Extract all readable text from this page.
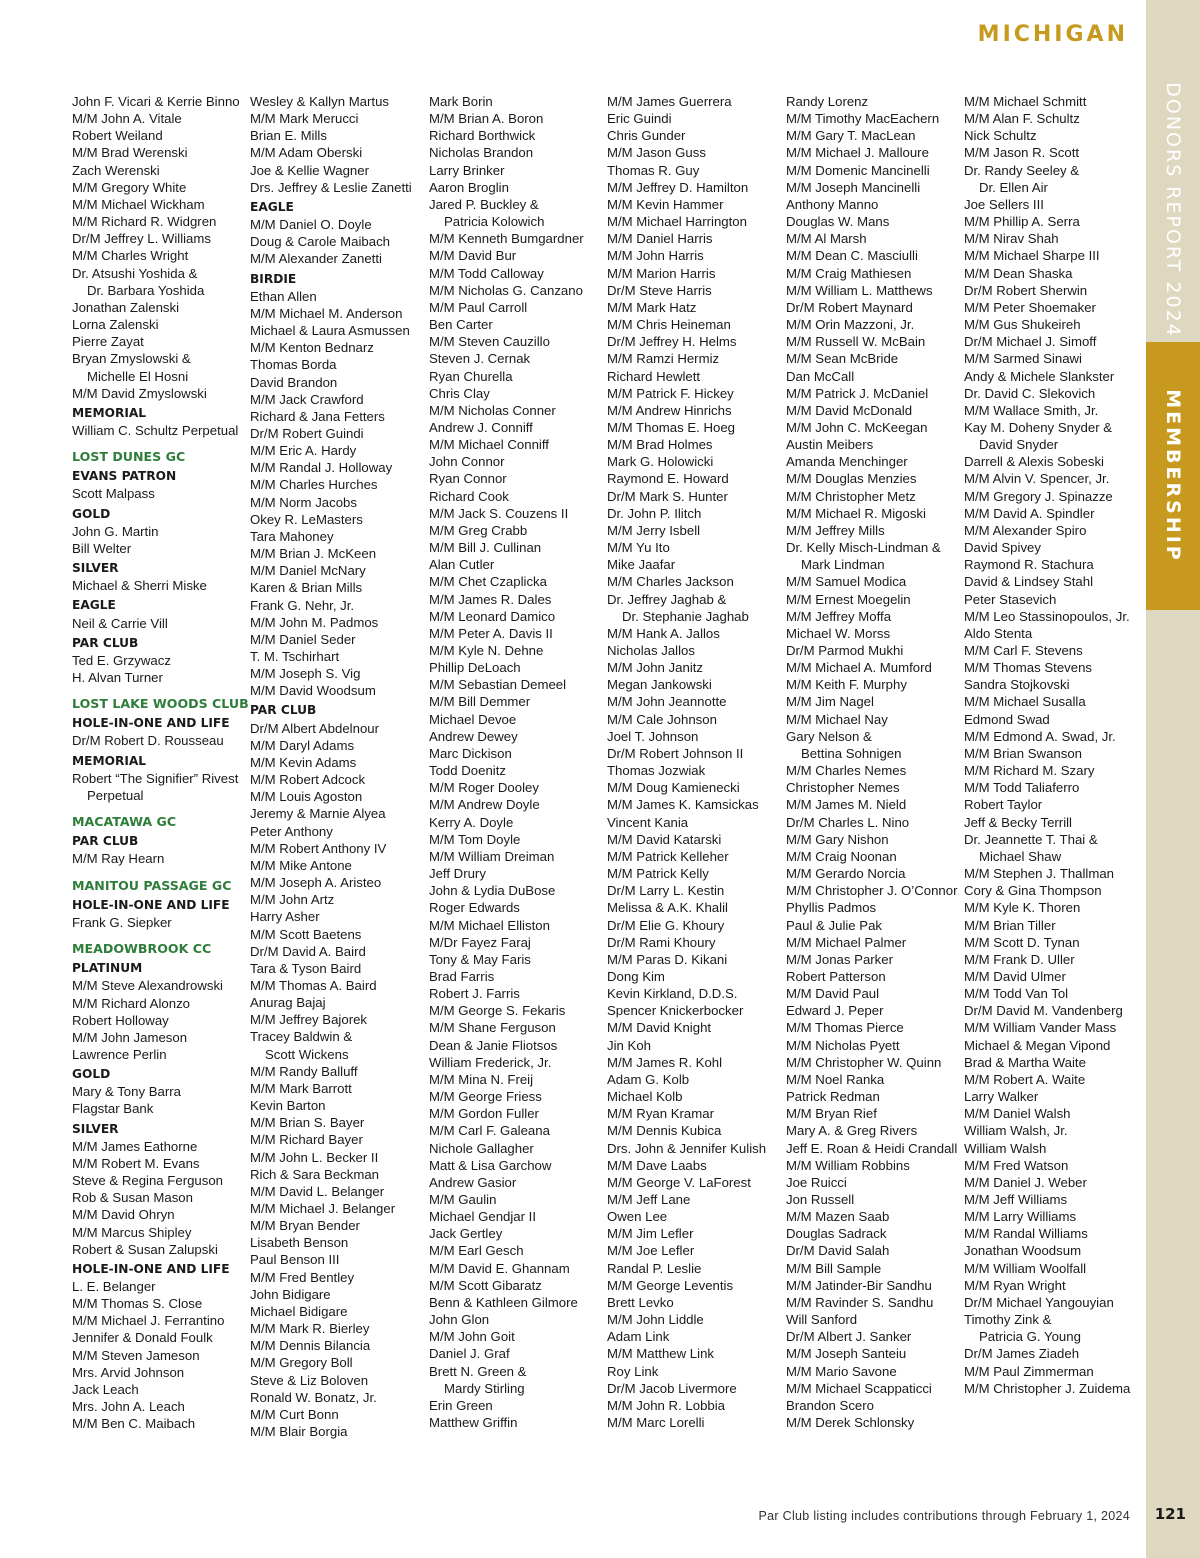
MICHIGAN
DONORS REPORT 2024
MEMBERSHIP
John F. Vicari & Kerrie Binno
M/M John A. Vitale
Robert Weiland
M/M Brad Werenski
Zach Werenski
M/M Gregory White
M/M Michael Wickham
M/M Richard R. Widgren
Dr/M Jeffrey L. Williams
M/M Charles Wright
Dr. Atsushi Yoshida &
Dr. Barbara Yoshida
Jonathan Zalenski
Lorna Zalenski
Pierre Zayat
Bryan Zmyslowski &
Michelle El Hosni
M/M David Zmyslowski
MEMORIAL
William C. Schultz Perpetual
LOST DUNES GC
EVANS PATRON
Scott Malpass
GOLD
John G. Martin
Bill Welter
SILVER
Michael & Sherri Miske
EAGLE
Neil & Carrie Vill
PAR CLUB
Ted E. Grzywacz
H. Alvan Turner
LOST LAKE WOODS CLUB
HOLE-IN-ONE AND LIFE
Dr/M Robert D. Rousseau
MEMORIAL
Robert “The Signifier” Rivest
Perpetual
MACATAWA GC
PAR CLUB
M/M Ray Hearn
MANITOU PASSAGE GC
HOLE-IN-ONE AND LIFE
Frank G. Siepker
MEADOWBROOK CC
PLATINUM
M/M Steve Alexandrowski
M/M Richard Alonzo
Robert Holloway
M/M John Jameson
Lawrence Perlin
GOLD
Mary & Tony Barra
Flagstar Bank
SILVER
M/M James Eathorne
M/M Robert M. Evans
Steve & Regina Ferguson
Rob & Susan Mason
M/M David Ohryn
M/M Marcus Shipley
Robert & Susan Zalupski
HOLE-IN-ONE AND LIFE
L. E. Belanger
M/M Thomas S. Close
M/M Michael J. Ferrantino
Jennifer & Donald Foulk
M/M Steven Jameson
Mrs. Arvid Johnson
Jack Leach
Mrs. John A. Leach
M/M Ben C. Maibach
Wesley & Kallyn Martus
M/M Mark Merucci
Brian E. Mills
M/M Adam Oberski
Joe & Kellie Wagner
Drs. Jeffrey & Leslie Zanetti
EAGLE
M/M Daniel O. Doyle
Doug & Carole Maibach
M/M Alexander Zanetti
BIRDIE
Ethan Allen
M/M Michael M. Anderson
Michael & Laura Asmussen
M/M Kenton Bednarz
Thomas Borda
David Brandon
M/M Jack Crawford
Richard & Jana Fetters
Dr/M Robert Guindi
M/M Eric A. Hardy
M/M Randal J. Holloway
M/M Charles Hurches
M/M Norm Jacobs
Okey R. LeMasters
Tara Mahoney
M/M Brian J. McKeen
M/M Daniel McNary
Karen & Brian Mills
Frank G. Nehr, Jr.
M/M John M. Padmos
M/M Daniel Seder
T. M. Tschirhart
M/M Joseph S. Vig
M/M David Woodsum
PAR CLUB
Dr/M Albert Abdelnour
M/M Daryl Adams
M/M Kevin Adams
M/M Robert Adcock
M/M Louis Agoston
Jeremy & Marnie Alyea
Peter Anthony
M/M Robert Anthony IV
M/M Mike Antone
M/M Joseph A. Aristeo
M/M John Artz
Harry Asher
M/M Scott Baetens
Dr/M David A. Baird
Tara & Tyson Baird
M/M Thomas A. Baird
Anurag Bajaj
M/M Jeffrey Bajorek
Tracey Baldwin &
Scott Wickens
M/M Randy Balluff
M/M Mark Barrott
Kevin Barton
M/M Brian S. Bayer
M/M Richard Bayer
M/M John L. Becker II
Rich & Sara Beckman
M/M David L. Belanger
M/M Michael J. Belanger
M/M Bryan Bender
Lisabeth Benson
Paul Benson III
M/M Fred Bentley
John Bidigare
Michael Bidigare
M/M Mark R. Bierley
M/M Dennis Bilancia
M/M Gregory Boll
Steve & Liz Boloven
Ronald W. Bonatz, Jr.
M/M Curt Bonn
M/M Blair Borgia
Mark Borin
M/M Brian A. Boron
Richard Borthwick
Nicholas Brandon
Larry Brinker
Aaron Broglin
Jared P. Buckley &
Patricia Kolowich
M/M Kenneth Bumgardner
M/M David Bur
M/M Todd Calloway
M/M Nicholas G. Canzano
M/M Paul Carroll
Ben Carter
M/M Steven Cauzillo
Steven J. Cernak
Ryan Churella
Chris Clay
M/M Nicholas Conner
Andrew J. Conniff
M/M Michael Conniff
John Connor
Ryan Connor
Richard Cook
M/M Jack S. Couzens II
M/M Greg Crabb
M/M Bill J. Cullinan
Alan Cutler
M/M Chet Czaplicka
M/M James R. Dales
M/M Leonard Damico
M/M Peter A. Davis II
M/M Kyle N. Dehne
Phillip DeLoach
M/M Sebastian Demeel
M/M Bill Demmer
Michael Devoe
Andrew Dewey
Marc Dickison
Todd Doenitz
M/M Roger Dooley
M/M Andrew Doyle
Kerry A. Doyle
M/M Tom Doyle
M/M William Dreiman
Jeff Drury
John & Lydia DuBose
Roger Edwards
M/M Michael Elliston
M/Dr Fayez Faraj
Tony & May Faris
Brad Farris
Robert J. Farris
M/M George S. Fekaris
M/M Shane Ferguson
Dean & Janie Fliotsos
William Frederick, Jr.
M/M Mina N. Freij
M/M George Friess
M/M Gordon Fuller
M/M Carl F. Galeana
Nichole Gallagher
Matt & Lisa Garchow
Andrew Gasior
M/M Gaulin
Michael Gendjar II
Jack Gertley
M/M Earl Gesch
M/M David E. Ghannam
M/M Scott Gibaratz
Benn & Kathleen Gilmore
John Glon
M/M John Goit
Daniel J. Graf
Brett N. Green &
Mardy Stirling
Erin Green
Matthew Griffin
M/M James Guerrera
Eric Guindi
Chris Gunder
M/M Jason Guss
Thomas R. Guy
M/M Jeffrey D. Hamilton
M/M Kevin Hammer
M/M Michael Harrington
M/M Daniel Harris
M/M John Harris
M/M Marion Harris
Dr/M Steve Harris
M/M Mark Hatz
M/M Chris Heineman
Dr/M Jeffrey H. Helms
M/M Ramzi Hermiz
Richard Hewlett
M/M Patrick F. Hickey
M/M Andrew Hinrichs
M/M Thomas E. Hoeg
M/M Brad Holmes
Mark G. Holowicki
Raymond E. Howard
Dr/M Mark S. Hunter
Dr. John P. Ilitch
M/M Jerry Isbell
M/M Yu Ito
Mike Jaafar
M/M Charles Jackson
Dr. Jeffrey Jaghab &
Dr. Stephanie Jaghab
M/M Hank A. Jallos
Nicholas Jallos
M/M John Janitz
Megan Jankowski
M/M John Jeannotte
M/M Cale Johnson
Joel T. Johnson
Dr/M Robert Johnson II
Thomas Jozwiak
M/M Doug Kamienecki
M/M James K. Kamsickas
Vincent Kania
M/M David Katarski
M/M Patrick Kelleher
M/M Patrick Kelly
Dr/M Larry L. Kestin
Melissa & A.K. Khalil
Dr/M Elie G. Khoury
Dr/M Rami Khoury
M/M Paras D. Kikani
Dong Kim
Kevin Kirkland, D.D.S.
Spencer Knickerbocker
M/M David Knight
Jin Koh
M/M James R. Kohl
Adam G. Kolb
Michael Kolb
M/M Ryan Kramar
M/M Dennis Kubica
Drs. John & Jennifer Kulish
M/M Dave Laabs
M/M George V. LaForest
M/M Jeff Lane
Owen Lee
M/M Jim Lefler
M/M Joe Lefler
Randal P. Leslie
M/M George Leventis
Brett Levko
M/M John Liddle
Adam Link
M/M Matthew Link
Roy Link
Dr/M Jacob Livermore
M/M John R. Lobbia
M/M Marc Lorelli
Randy Lorenz
M/M Timothy MacEachern
M/M Gary T. MacLean
M/M Michael J. Malloure
M/M Domenic Mancinelli
M/M Joseph Mancinelli
Anthony Manno
Douglas W. Mans
M/M Al Marsh
M/M Dean C. Masciulli
M/M Craig Mathiesen
M/M William L. Matthews
Dr/M Robert Maynard
M/M Orin Mazzoni, Jr.
M/M Russell W. McBain
M/M Sean McBride
Dan McCall
M/M Patrick J. McDaniel
M/M David McDonald
M/M John C. McKeegan
Austin Meibers
Amanda Menchinger
M/M Douglas Menzies
M/M Christopher Metz
M/M Michael R. Migoski
M/M Jeffrey Mills
Dr. Kelly Misch-Lindman &
Mark Lindman
M/M Samuel Modica
M/M Ernest Moegelin
M/M Jeffrey Moffa
Michael W. Morss
Dr/M Parmod Mukhi
M/M Michael A. Mumford
M/M Keith F. Murphy
M/M Jim Nagel
M/M Michael Nay
Gary Nelson &
Bettina Sohnigen
M/M Charles Nemes
Christopher Nemes
M/M James M. Nield
Dr/M Charles L. Nino
M/M Gary Nishon
M/M Craig Noonan
M/M Gerardo Norcia
M/M Christopher J. O’Connor
Phyllis Padmos
Paul & Julie Pak
M/M Michael Palmer
M/M Jonas Parker
Robert Patterson
M/M David Paul
Edward J. Peper
M/M Thomas Pierce
M/M Nicholas Pyett
M/M Christopher W. Quinn
M/M Noel Ranka
Patrick Redman
M/M Bryan Rief
Mary A. & Greg Rivers
Jeff E. Roan & Heidi Crandall
M/M William Robbins
Joe Ruicci
Jon Russell
M/M Mazen Saab
Douglas Sadrack
Dr/M David Salah
M/M Bill Sample
M/M Jatinder-Bir Sandhu
M/M Ravinder S. Sandhu
Will Sanford
Dr/M Albert J. Sanker
M/M Joseph Santeiu
M/M Mario Savone
M/M Michael Scappaticci
Brandon Scero
M/M Derek Schlonsky
M/M Michael Schmitt
M/M Alan F. Schultz
Nick Schultz
M/M Jason R. Scott
Dr. Randy Seeley &
Dr. Ellen Air
Joe Sellers III
M/M Phillip A. Serra
M/M Nirav Shah
M/M Michael Sharpe III
M/M Dean Shaska
Dr/M Robert Sherwin
M/M Peter Shoemaker
M/M Gus Shukeireh
Dr/M Michael J. Simoff
M/M Sarmed Sinawi
Andy & Michele Slankster
Dr. David C. Slekovich
M/M Wallace Smith, Jr.
Kay M. Doheny Snyder &
David Snyder
Darrell & Alexis Sobeski
M/M Alvin V. Spencer, Jr.
M/M Gregory J. Spinazze
M/M David A. Spindler
M/M Alexander Spiro
David Spivey
Raymond R. Stachura
David & Lindsey Stahl
Peter Stasevich
M/M Leo Stassinopoulos, Jr.
Aldo Stenta
M/M Carl F. Stevens
M/M Thomas Stevens
Sandra Stojkovski
M/M Michael Susalla
Edmond Swad
M/M Edmond A. Swad, Jr.
M/M Brian Swanson
M/M Richard M. Szary
M/M Todd Taliaferro
Robert Taylor
Jeff & Becky Terrill
Dr. Jeannette T. Thai &
Michael Shaw
M/M Stephen J. Thallman
Cory & Gina Thompson
M/M Kyle K. Thoren
M/M Brian Tiller
M/M Scott D. Tynan
M/M Frank D. Uller
M/M David Ulmer
M/M Todd Van Tol
Dr/M David M. Vandenberg
M/M William Vander Mass
Michael & Megan Vipond
Brad & Martha Waite
M/M Robert A. Waite
Larry Walker
M/M Daniel Walsh
William Walsh, Jr.
William Walsh
M/M Fred Watson
M/M Daniel J. Weber
M/M Jeff Williams
M/M Larry Williams
M/M Randal Williams
Jonathan Woodsum
M/M William Woolfall
M/M Ryan Wright
Dr/M Michael Yangouyian
Timothy Zink &
Patricia G. Young
Dr/M James Ziadeh
M/M Paul Zimmerman
M/M Christopher J. Zuidema
Par Club listing includes contributions through February 1, 2024 121
